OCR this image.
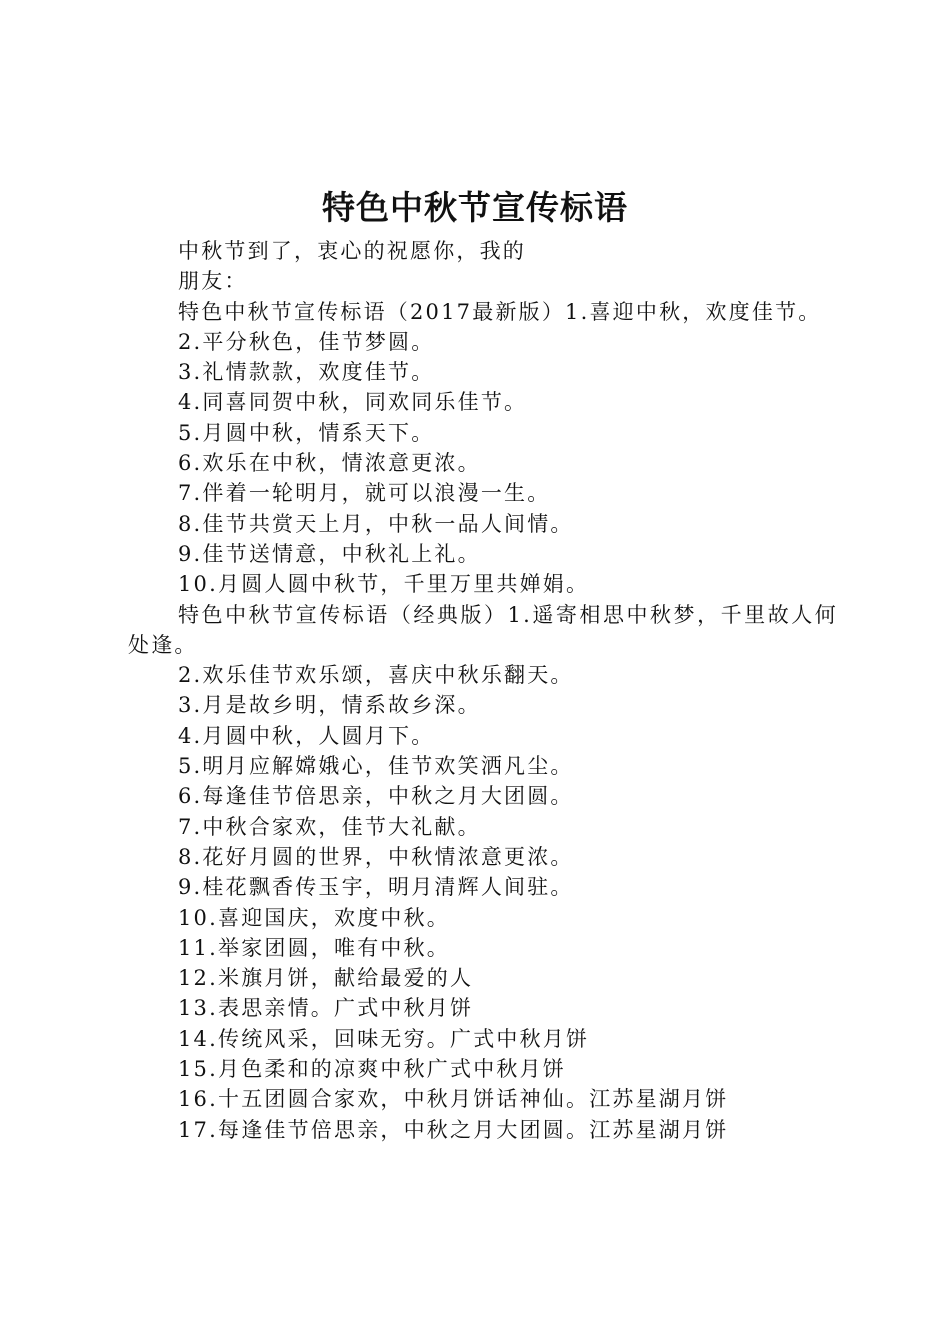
特色中秋节宣传标语

中秋节到了，衷心的祝愿你，我的

朋友：

特色中秋节宣传标语（2017最新版）1.喜迎中秋，欢度佳节。

2.平分秋色，佳节梦圆。

3.礼情款款，欢度佳节。

4.同喜同贺中秋，同欢同乐佳节。

5.月圆中秋，情系天下。

6.欢乐在中秋，情浓意更浓。

7.伴着一轮明月，就可以浪漫一生。

8.佳节共赏天上月，中秋一品人间情。

9.佳节送情意，中秋礼上礼。

10.月圆人圆中秋节，千里万里共婵娟。

特色中秋节宣传标语（经典版）1.遥寄相思中秋梦，千里故人何处逢。

2.欢乐佳节欢乐颂，喜庆中秋乐翻天。

3.月是故乡明，情系故乡深。

4.月圆中秋，人圆月下。

5.明月应解嫦娥心，佳节欢笑洒凡尘。

6.每逢佳节倍思亲，中秋之月大团圆。

7.中秋合家欢，佳节大礼献。

8.花好月圆的世界，中秋情浓意更浓。

9.桂花飘香传玉宇，明月清辉人间驻。

10.喜迎国庆，欢度中秋。

11.举家团圆，唯有中秋。

12.米旗月饼，献给最爱的人

13.表思亲情。广式中秋月饼

14.传统风采，回味无穷。广式中秋月饼

15.月色柔和的凉爽中秋广式中秋月饼

16.十五团圆合家欢，中秋月饼话神仙。江苏星湖月饼

17.每逢佳节倍思亲，中秋之月大团圆。江苏星湖月饼
